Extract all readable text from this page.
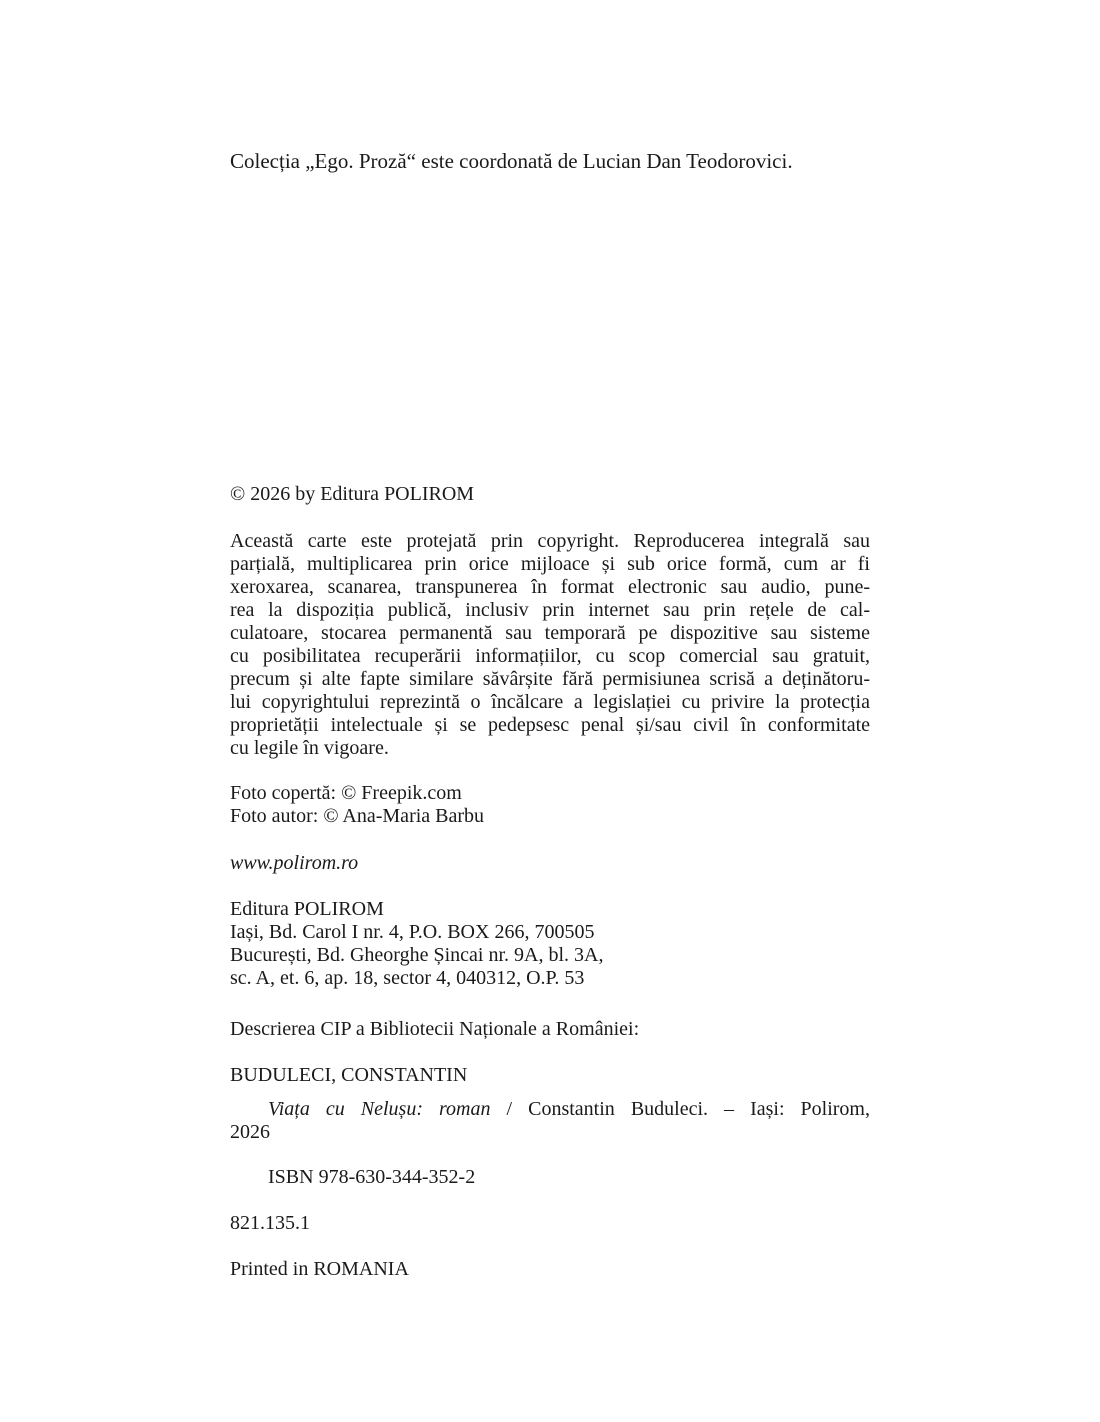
Colecția „Ego. Proză“ este coordonată de Lucian Dan Teodorovici.
© 2026 by Editura POLIROM
Această carte este protejată prin copyright. Reproducerea integrală sau
parțială, multiplicarea prin orice mijloace și sub orice formă, cum ar fi
xeroxarea, scanarea, transpunerea în format electronic sau audio, pune-
rea la dispoziția publică, inclusiv prin internet sau prin rețele de cal-
culatoare, stocarea permanentă sau temporară pe dispozitive sau sisteme
cu posibilitatea recuperării informațiilor, cu scop comercial sau gratuit,
precum și alte fapte similare săvârșite fără permisiunea scrisă a deținătoru-
lui copyrightului reprezintă o încălcare a legislației cu privire la protecția
proprietății intelectuale și se pedepsesc penal și/sau civil în conformitate
cu legile în vigoare.
Foto copertă: © Freepik.com
Foto autor: © Ana-Maria Barbu
www.polirom.ro
Editura POLIROM
Iași, Bd. Carol I nr. 4, P.O. BOX 266, 700505
București, Bd. Gheorghe Șincai nr. 9A, bl. 3A,
sc. A, et. 6, ap. 18, sector 4, 040312, O.P. 53
Descrierea CIP a Bibliotecii Naționale a României:
BUDULECI, CONSTANTIN
Viața cu Nelușu: roman / Constantin Buduleci. – Iași: Polirom,
2026
ISBN 978-630-344-352-2
821.135.1
Printed in ROMANIA
